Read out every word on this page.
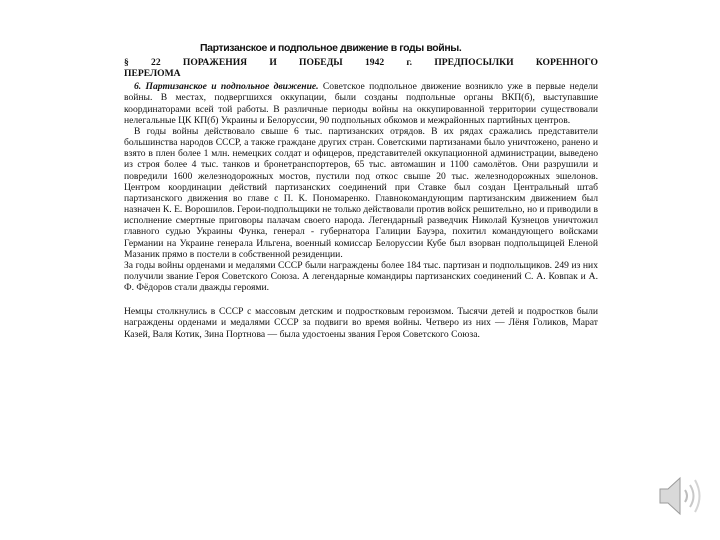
Партизанское и подпольное движение в годы войны.
§ 22 ПОРАЖЕНИЯ И ПОБЕДЫ 1942 г. ПРЕДПОСЫЛКИ КОРЕННОГО
ПЕРЕЛОМА

6. Партизанское и подпольное движение. Советское подпольное движение возникло уже в первые недели войны. В местах, подвергшихся оккупации, были созданы подпольные органы ВКП(б), выступавшие координаторами всей той работы. В различные периоды войны на оккупированной территории существовали нелегальные ЦК КП(б) Украины и Белоруссии, 90 подпольных обкомов и межрайонных партийных центров.

В годы войны действовало свыше 6 тыс. партизанских отрядов. В их рядах сражались представители большинства народов СССР, а также граждане других стран. Советскими партизанами было уничтожено, ранено и взято в плен более 1 млн. немецких солдат и офицеров, представителей оккупационной администрации, выведено из строя более 4 тыс. танков и бронетранспортеров, 65 тыс. автомашин и 1100 самолётов. Они разрушили и повредили 1600 железнодорожных мостов, пустили под откос свыше 20 тыс. железнодорожных эшелонов. Центром координации действий партизанских соединений при Ставке был создан Центральный штаб партизанского движения во главе с П. К. Пономаренко. Главнокомандующим партизанским движением был назначен К. Е. Ворошилов. Герои-подпольщики не только действовали против войск решительно, но и приводили в исполнение смертные приговоры палачам своего народа. Легендарный разведчик Николай Кузнецов уничтожил главного судью Украины Функа, генерал - губернатора Галиции Бауэра, похитил командующего войсками Германии на Украине генерала Ильгена, военный комиссар Белоруссии Кубе был взорван подпольщицей Еленой Мазаник прямо в постели в собственной резиденции.

За годы войны орденами и медалями СССР были награждены более 184 тыс. партизан и подпольщиков. 249 из них получили звание Героя Советского Союза. А легендарные командиры партизанских соединений С. А. Ковпак и А. Ф. Фёдоров стали дважды героями.

Немцы столкнулись в СССР с массовым детским и подростковым героизмом. Тысячи детей и подростков были награждены орденами и медалями СССР за подвиги во время войны. Четверо из них — Лёня Голиков, Марат Казей, Валя Котик, Зина Портнова — была удостоены звания Героя Советского Союза.
